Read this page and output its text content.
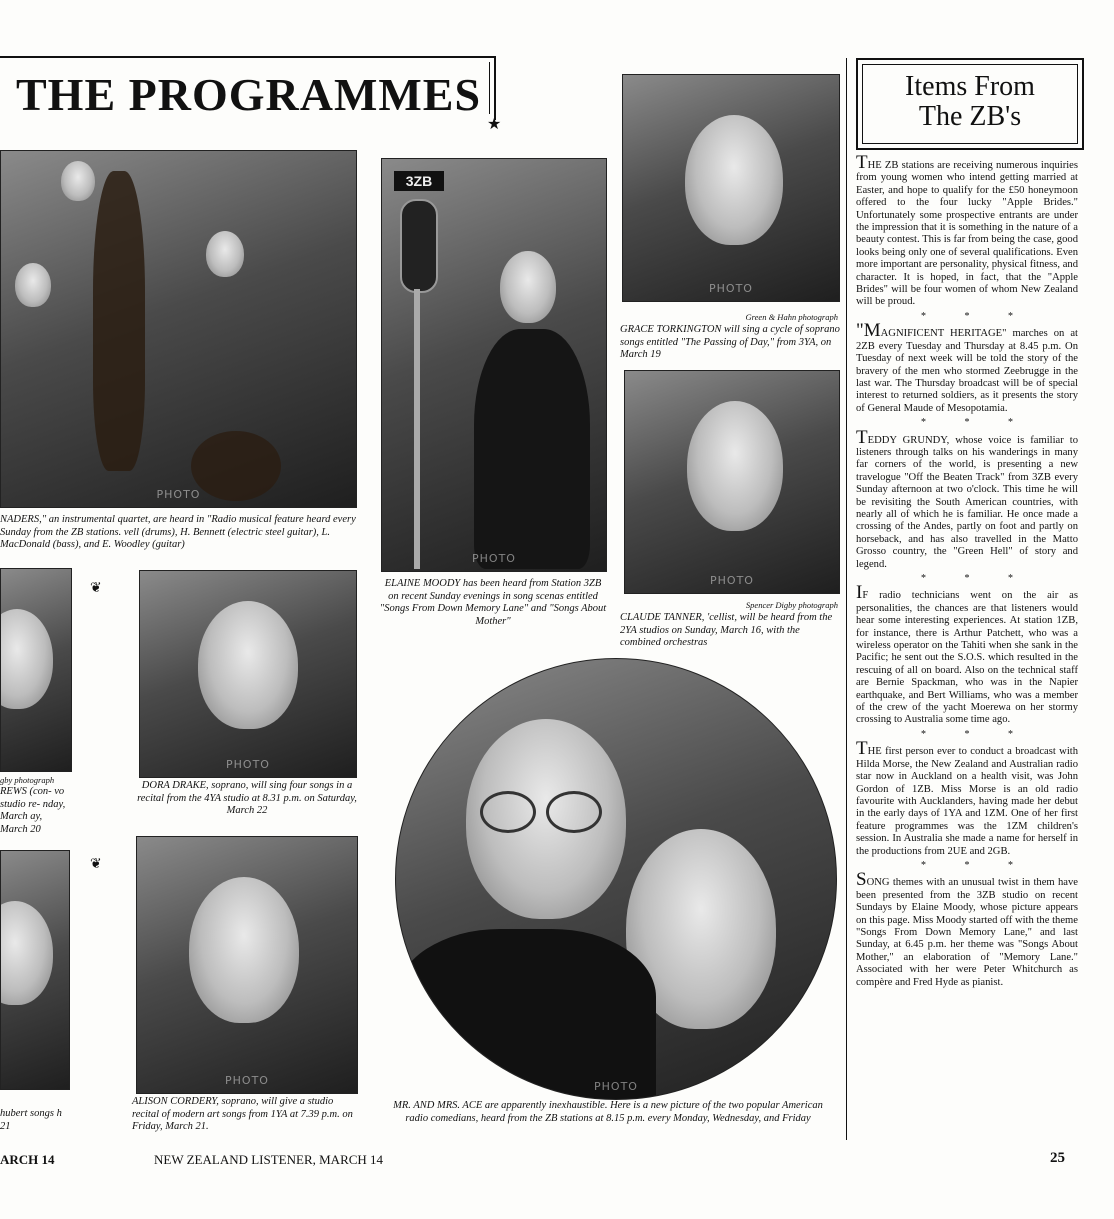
★
THE PROGRAMMES
PHOTO
NADERS," an instrumental quartet, are heard in "Radio musical feature heard every Sunday from the ZB stations. vell (drums), H. Bennett (electric steel guitar), L. MacDonald (bass), and E. Woodley (guitar)
3ZB
PHOTO
ELAINE MOODY has been heard from Station 3ZB on recent Sunday evenings in song scenas entitled "Songs From Down Memory Lane" and "Songs About Mother"
PHOTO
Green & Hahn photograph
GRACE TORKINGTON will sing a cycle of soprano songs entitled "The Passing of Day," from 3YA, on March 19
PHOTO
Spencer Digby photograph
CLAUDE TANNER, 'cellist, will be heard from the 2YA studios on Sunday, March 16, with the combined orchestras
gby photograph
REWS (con- vo studio re- nday, March ay, March 20
PHOTO
DORA DRAKE, soprano, will sing four songs in a recital from the 4YA studio at 8.31 p.m. on Saturday, March 22
❦
❦
hubert songs h 21
PHOTO
ALISON CORDERY, soprano, will give a studio recital of modern art songs from 1YA at 7.39 p.m. on Friday, March 21.
PHOTO
MR. AND MRS. ACE are apparently inexhaustible. Here is a new picture of the two popular American radio comedians, heard from the ZB stations at 8.15 p.m. every Monday, Wednesday, and Friday
Items From
The ZB's

THE ZB stations are receiving numerous inquiries from young women who intend getting married at Easter, and hope to qualify for the £50 honeymoon offered to the four lucky "Apple Brides." Unfortunately some prospective entrants are under the impression that it is something in the nature of a beauty contest. This is far from being the case, good looks being only one of several qualifications. Even more important are personality, physical fitness, and character. It is hoped, in fact, that the "Apple Brides" will be four women of whom New Zealand will be proud.

* * *

"MAGNIFICENT HERITAGE" marches on at 2ZB every Tuesday and Thursday at 8.45 p.m. On Tuesday of next week will be told the story of the bravery of the men who stormed Zeebrugge in the last war. The Thursday broadcast will be of special interest to returned soldiers, as it presents the story of General Maude of Mesopotamia.

* * *

TEDDY GRUNDY, whose voice is familiar to listeners through talks on his wanderings in many far corners of the world, is presenting a new travelogue "Off the Beaten Track" from 3ZB every Sunday afternoon at two o'clock. This time he will be revisiting the South American countries, with nearly all of which he is familiar. He once made a crossing of the Andes, partly on foot and partly on horseback, and has also travelled in the Matto Grosso country, the "Green Hell" of story and legend.

* * *

IF radio technicians went on the air as personalities, the chances are that listeners would hear some interesting experiences. At station 1ZB, for instance, there is Arthur Patchett, who was a wireless operator on the Tahiti when she sank in the Pacific; he sent out the S.O.S. which resulted in the rescuing of all on board. Also on the technical staff are Bernie Spackman, who was in the Napier earthquake, and Bert Williams, who was a member of the crew of the yacht Moerewa on her stormy crossing to Australia some time ago.

* * *

THE first person ever to conduct a broadcast with Hilda Morse, the New Zealand and Australian radio star now in Auckland on a health visit, was John Gordon of 1ZB. Miss Morse is an old radio favourite with Aucklanders, having made her debut in the early days of 1YA and 1ZM. One of her first feature programmes was the 1ZM children's session. In Australia she made a name for herself in the productions from 2UE and 2GB.

* * *

SONG themes with an unusual twist in them have been presented from the 3ZB studio on recent Sundays by Elaine Moody, whose picture appears on this page. Miss Moody started off with the theme "Songs From Down Memory Lane," and last Sunday, at 6.45 p.m. her theme was "Songs About Mother," an elaboration of "Memory Lane." Associated with her were Peter Whitchurch as compère and Fred Hyde as pianist.

ARCH 14	NEW ZEALAND LISTENER, MARCH 14	25
